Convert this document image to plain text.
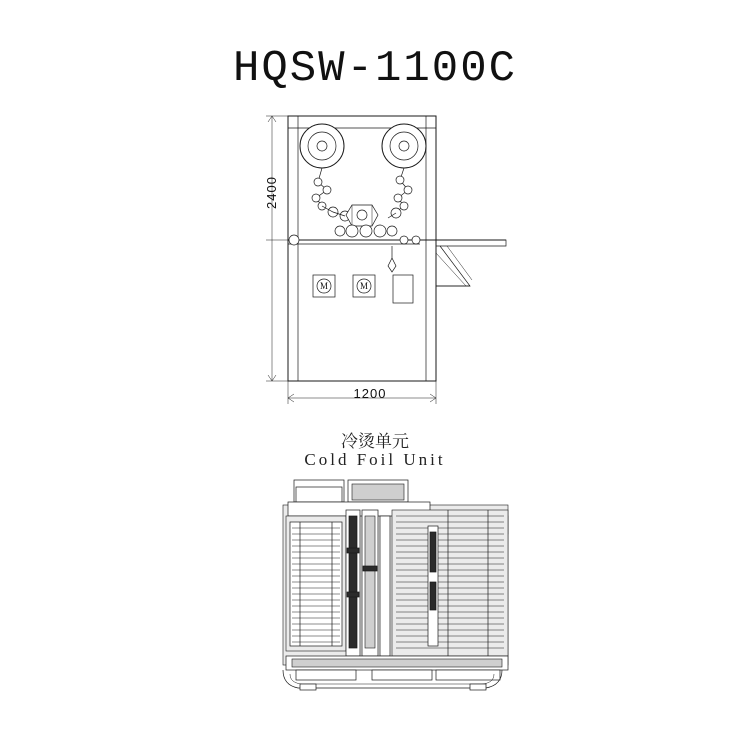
HQSW-1100C
M	M
2400
1200
冷烫单元
Cold Foil Unit
